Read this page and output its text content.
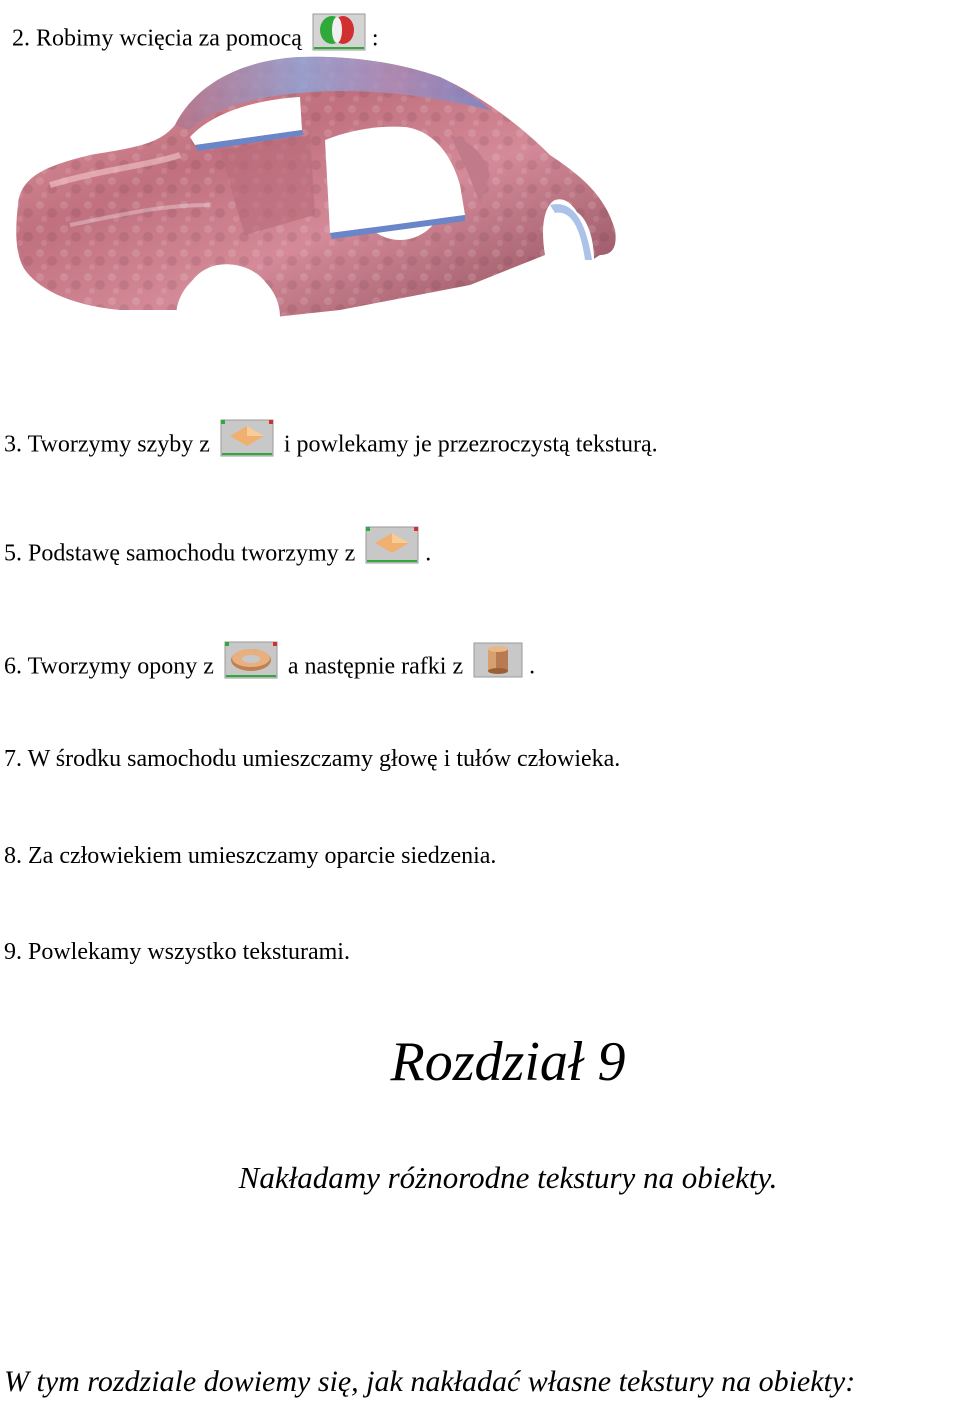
2. Robimy wcięcia za pomocą	:
3. Tworzymy szyby z	i powlekamy je przezroczystą teksturą.
5. Podstawę samochodu tworzymy z	.
6. Tworzymy opony z	a następnie rafki z	.
7. W środku samochodu umieszczamy głowę i tułów człowieka.
8. Za człowiekiem umieszczamy oparcie siedzenia.
9. Powlekamy wszystko teksturami.
Rozdział 9
Nakładamy różnorodne tekstury na obiekty.
W tym rozdziale dowiemy się, jak nakładać własne tekstury na obiekty:
